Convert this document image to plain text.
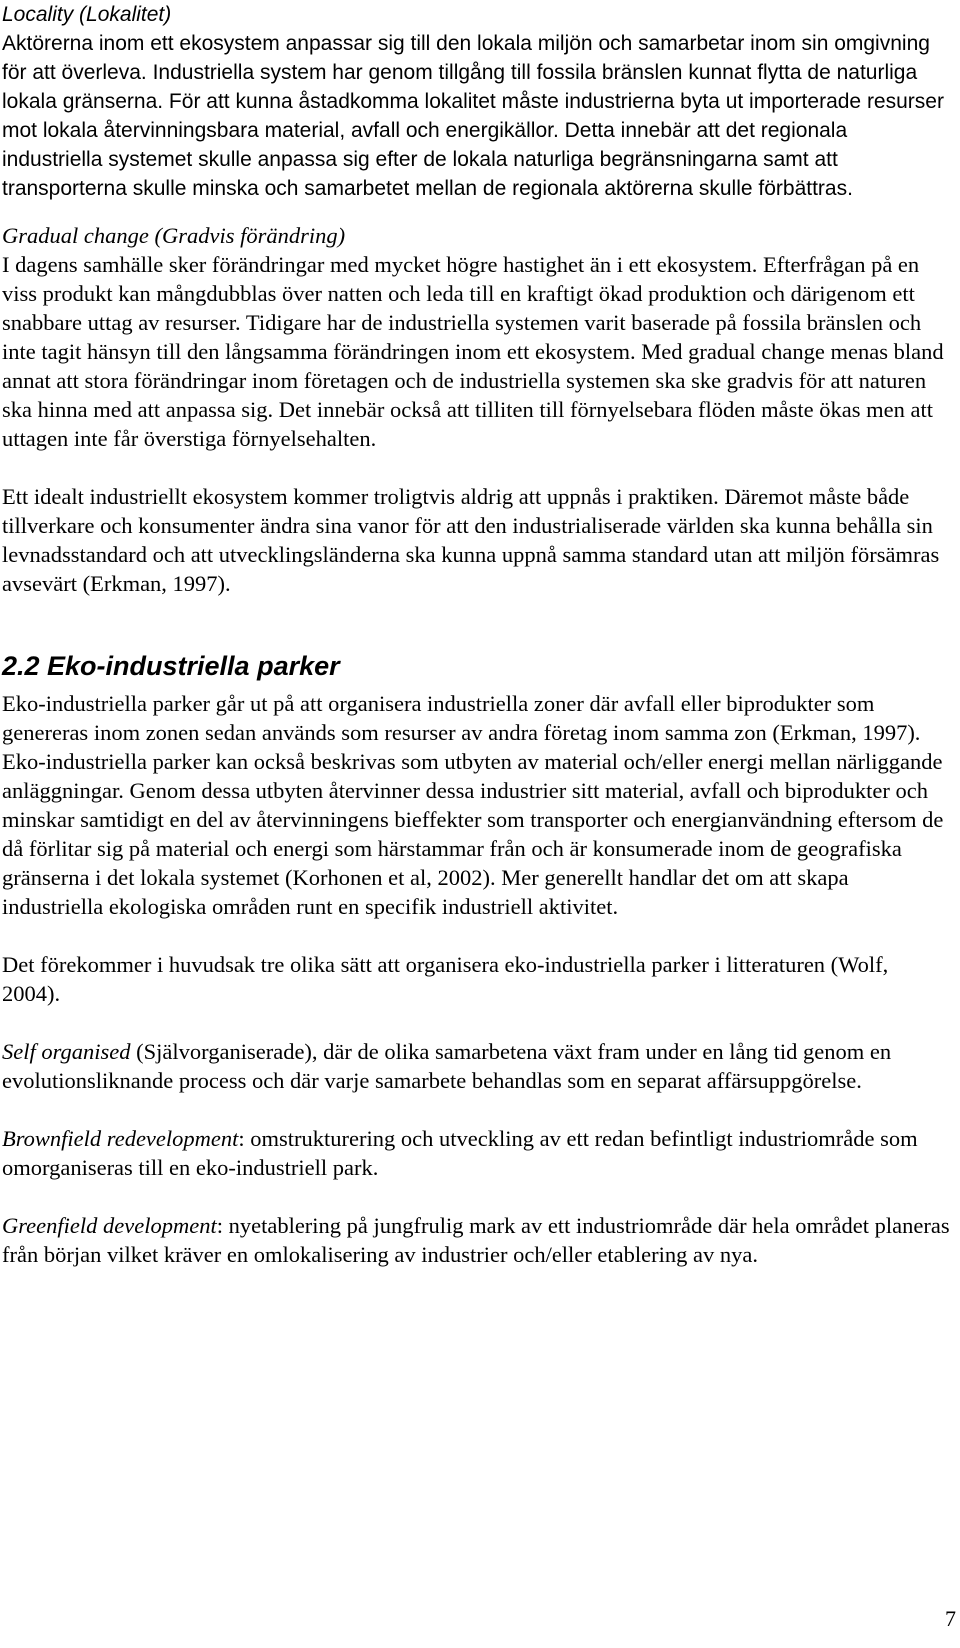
Locality (Lokalitet)

Aktörerna inom ett ekosystem anpassar sig till den lokala miljön och samarbetar inom sin omgivning för att överleva. Industriella system har genom tillgång till fossila bränslen kunnat flytta de naturliga lokala gränserna. För att kunna åstadkomma lokalitet måste industrierna byta ut importerade resurser mot lokala återvinningsbara material, avfall och energikällor. Detta innebär att det regionala industriella systemet skulle anpassa sig efter de lokala naturliga begränsningarna samt att transporterna skulle minska och samarbetet mellan de regionala aktörerna skulle förbättras.

Gradual change (Gradvis förändring)

I dagens samhälle sker förändringar med mycket högre hastighet än i ett ekosystem. Efterfrågan på en viss produkt kan mångdubblas över natten och leda till en kraftigt ökad produktion och därigenom ett snabbare uttag av resurser. Tidigare har de industriella systemen varit baserade på fossila bränslen och inte tagit hänsyn till den långsamma förändringen inom ett ekosystem. Med gradual change menas bland annat att stora förändringar inom företagen och de industriella systemen ska ske gradvis för att naturen ska hinna med att anpassa sig. Det innebär också att tilliten till förnyelsebara flöden måste ökas men att uttagen inte får överstiga förnyelsehalten.

Ett idealt industriellt ekosystem kommer troligtvis aldrig att uppnås i praktiken. Däremot måste både tillverkare och konsumenter ändra sina vanor för att den industrialiserade världen ska kunna behålla sin levnadsstandard och att utvecklingsländerna ska kunna uppnå samma standard utan att miljön försämras avsevärt (Erkman, 1997).

2.2 Eko-industriella parker

Eko-industriella parker går ut på att organisera industriella zoner där avfall eller biprodukter som genereras inom zonen sedan används som resurser av andra företag inom samma zon (Erkman, 1997). Eko-industriella parker kan också beskrivas som utbyten av material och/eller energi mellan närliggande anläggningar. Genom dessa utbyten återvinner dessa industrier sitt material, avfall och biprodukter och minskar samtidigt en del av återvinningens bieffekter som transporter och energianvändning eftersom de då förlitar sig på material och energi som härstammar från och är konsumerade inom de geografiska gränserna i det lokala systemet (Korhonen et al, 2002). Mer generellt handlar det om att skapa industriella ekologiska områden runt en specifik industriell aktivitet.

Det förekommer i huvudsak tre olika sätt att organisera eko-industriella parker i litteraturen (Wolf, 2004).

Self organised (Självorganiserade), där de olika samarbetena växt fram under en lång tid genom en evolutionsliknande process och där varje samarbete behandlas som en separat affärsuppgörelse.

Brownfield redevelopment: omstrukturering och utveckling av ett redan befintligt industriområde som omorganiseras till en eko-industriell park.

Greenfield development: nyetablering på jungfrulig mark av ett industriområde där hela området planeras från början vilket kräver en omlokalisering av industrier och/eller etablering av nya.

7
